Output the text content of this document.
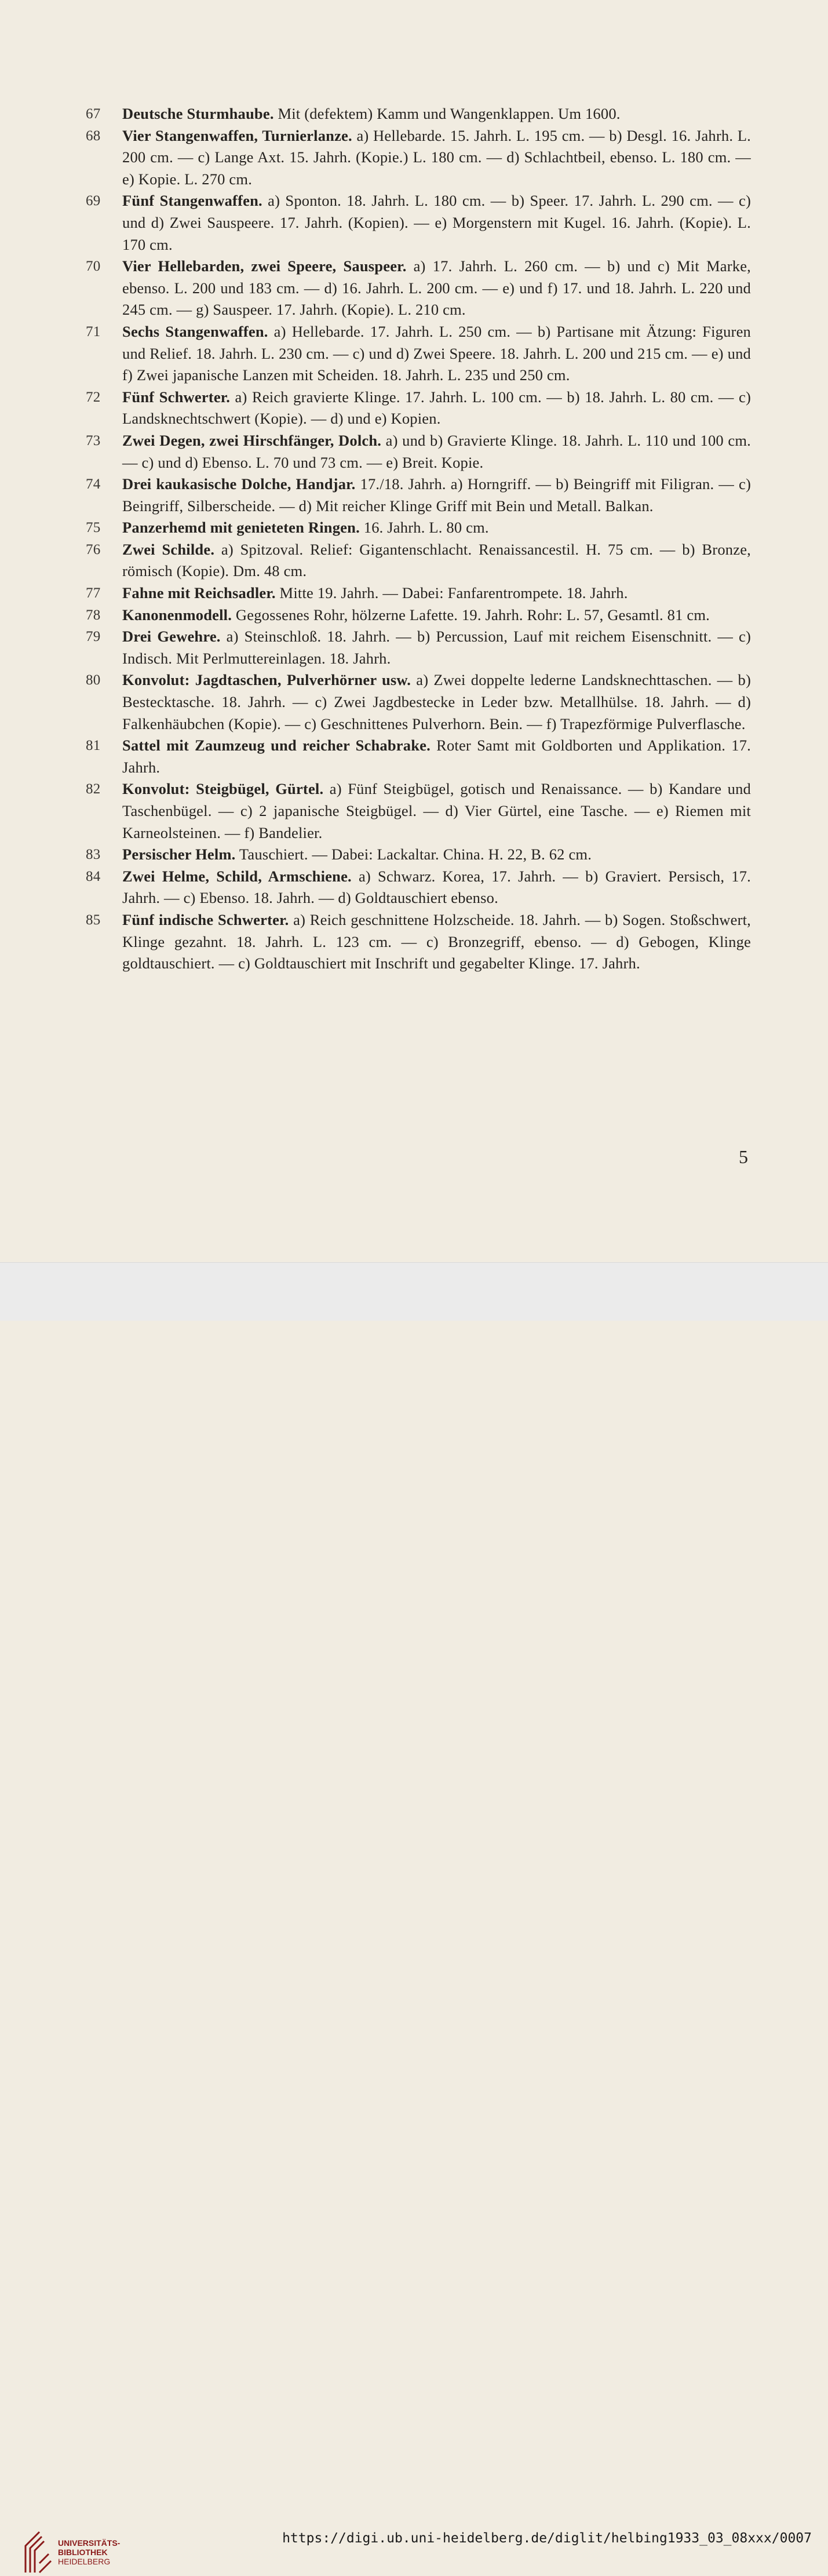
67 Deutsche Sturmhaube. Mit (defektem) Kamm und Wangenklappen. Um 1600.
68 Vier Stangenwaffen, Turnierlanze. a) Hellebarde. 15. Jahrh. L. 195 cm. — b) Desgl. 16. Jahrh. L. 200 cm. — c) Lange Axt. 15. Jahrh. (Kopie.) L. 180 cm. — d) Schlachtbeil, ebenso. L. 180 cm. — e) Kopie. L. 270 cm.
69 Fünf Stangenwaffen. a) Sponton. 18. Jahrh. L. 180 cm. — b) Speer. 17. Jahrh. L. 290 cm. — c) und d) Zwei Sauspeere. 17. Jahrh. (Kopien). — e) Morgenstern mit Kugel. 16. Jahrh. (Kopie). L. 170 cm.
70 Vier Hellebarden, zwei Speere, Sauspeer. a) 17. Jahrh. L. 260 cm. — b) und c) Mit Marke, ebenso. L. 200 und 183 cm. — d) 16. Jahrh. L. 200 cm. — e) und f) 17. und 18. Jahrh. L. 220 und 245 cm. — g) Sauspeer. 17. Jahrh. (Kopie). L. 210 cm.
71 Sechs Stangenwaffen. a) Hellebarde. 17. Jahrh. L. 250 cm. — b) Partisane mit Ätzung: Figuren und Relief. 18. Jahrh. L. 230 cm. — c) und d) Zwei Speere. 18. Jahrh. L. 200 und 215 cm. — e) und f) Zwei japanische Lanzen mit Scheiden. 18. Jahrh. L. 235 und 250 cm.
72 Fünf Schwerter. a) Reich gravierte Klinge. 17. Jahrh. L. 100 cm. — b) 18. Jahrh. L. 80 cm. — c) Landsknechtschwert (Kopie). — d) und e) Kopien.
73 Zwei Degen, zwei Hirschfänger, Dolch. a) und b) Gravierte Klinge. 18. Jahrh. L. 110 und 100 cm. — c) und d) Ebenso. L. 70 und 73 cm. — e) Breit. Kopie.
74 Drei kaukasische Dolche, Handjar. 17./18. Jahrh. a) Horngriff. — b) Beingriff mit Filigran. — c) Beingriff, Silberscheide. — d) Mit reicher Klinge Griff mit Bein und Metall. Balkan.
75 Panzerhemd mit genieteten Ringen. 16. Jahrh. L. 80 cm.
76 Zwei Schilde. a) Spitzoval. Relief: Gigantenschlacht. Renaissancestil. H. 75 cm. — b) Bronze, römisch (Kopie). Dm. 48 cm.
77 Fahne mit Reichsadler. Mitte 19. Jahrh. — Dabei: Fanfarentrompete. 18. Jahrh.
78 Kanonenmodell. Gegossenes Rohr, hölzerne Lafette. 19. Jahrh. Rohr: L. 57, Gesamtl. 81 cm.
79 Drei Gewehre. a) Steinschloß. 18. Jahrh. — b) Percussion, Lauf mit reichem Eisenschnitt. — c) Indisch. Mit Perlmuttereinlagen. 18. Jahrh.
80 Konvolut: Jagdtaschen, Pulverhörner usw. a) Zwei doppelte lederne Landsknechttaschen. — b) Bestecktasche. 18. Jahrh. — c) Zwei Jagdbestecke in Leder bzw. Metallhülse. 18. Jahrh. — d) Falkenhäubchen (Kopie). — c) Geschnittenes Pulverhorn. Bein. — f) Trapezförmige Pulverflasche.
81 Sattel mit Zaumzeug und reicher Schabrake. Roter Samt mit Goldborten und Applikation. 17. Jahrh.
82 Konvolut: Steigbügel, Gürtel. a) Fünf Steigbügel, gotisch und Renaissance. — b) Kandare und Taschenbügel. — c) 2 japanische Steigbügel. — d) Vier Gürtel, eine Tasche. — e) Riemen mit Karneolsteinen. — f) Bandelier.
83 Persischer Helm. Tauschiert. — Dabei: Lackaltar. China. H. 22, B. 62 cm.
84 Zwei Helme, Schild, Armschiene. a) Schwarz. Korea, 17. Jahrh. — b) Graviert. Persisch, 17. Jahrh. — c) Ebenso. 18. Jahrh. — d) Goldtauschiert ebenso.
85 Fünf indische Schwerter. a) Reich geschnittene Holzscheide. 18. Jahrh. — b) Sogen. Stoßschwert, Klinge gezahnt. 18. Jahrh. L. 123 cm. — c) Bronzegriff, ebenso. — d) Gebogen, Klinge goldtauschiert. — c) Goldtauschiert mit Inschrift und gegabelter Klinge. 17. Jahrh.
5
UNIVERSITÄTS-
BIBLIOTHEK
HEIDELBERG
https://digi.ub.uni-heidelberg.de/diglit/helbing1933_03_08xxx/0007
